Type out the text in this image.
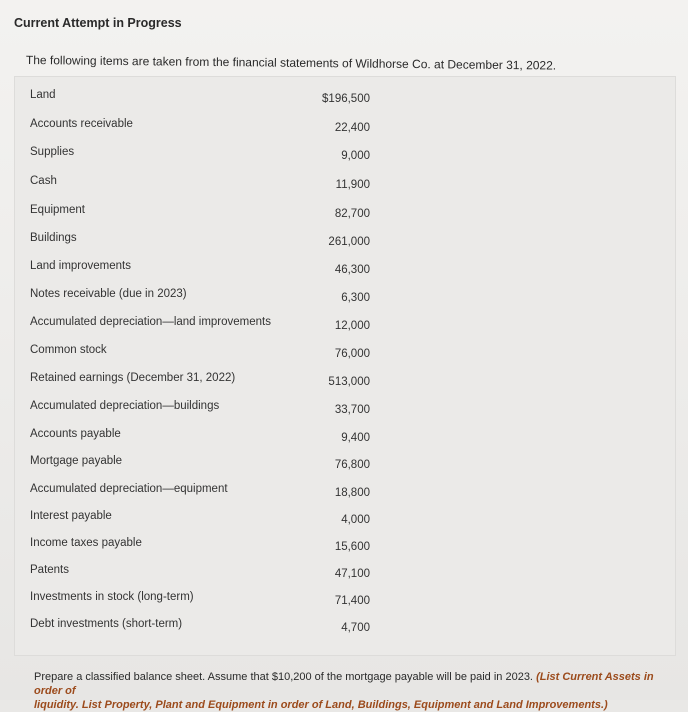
Current Attempt in Progress
The following items are taken from the financial statements of Wildhorse Co. at December 31, 2022.
Land	$196,500
Accounts receivable	22,400
Supplies	9,000
Cash	11,900
Equipment	82,700
Buildings	261,000
Land improvements	46,300
Notes receivable (due in 2023)	6,300
Accumulated depreciation—land improvements	12,000
Common stock	76,000
Retained earnings (December 31, 2022)	513,000
Accumulated depreciation—buildings	33,700
Accounts payable	9,400
Mortgage payable	76,800
Accumulated depreciation—equipment	18,800
Interest payable	4,000
Income taxes payable	15,600
Patents	47,100
Investments in stock (long-term)	71,400
Debt investments (short-term)	4,700
Prepare a classified balance sheet. Assume that $10,200 of the mortgage payable will be paid in 2023. (List Current Assets in order of
liquidity. List Property, Plant and Equipment in order of Land, Buildings, Equipment and Land Improvements.)
